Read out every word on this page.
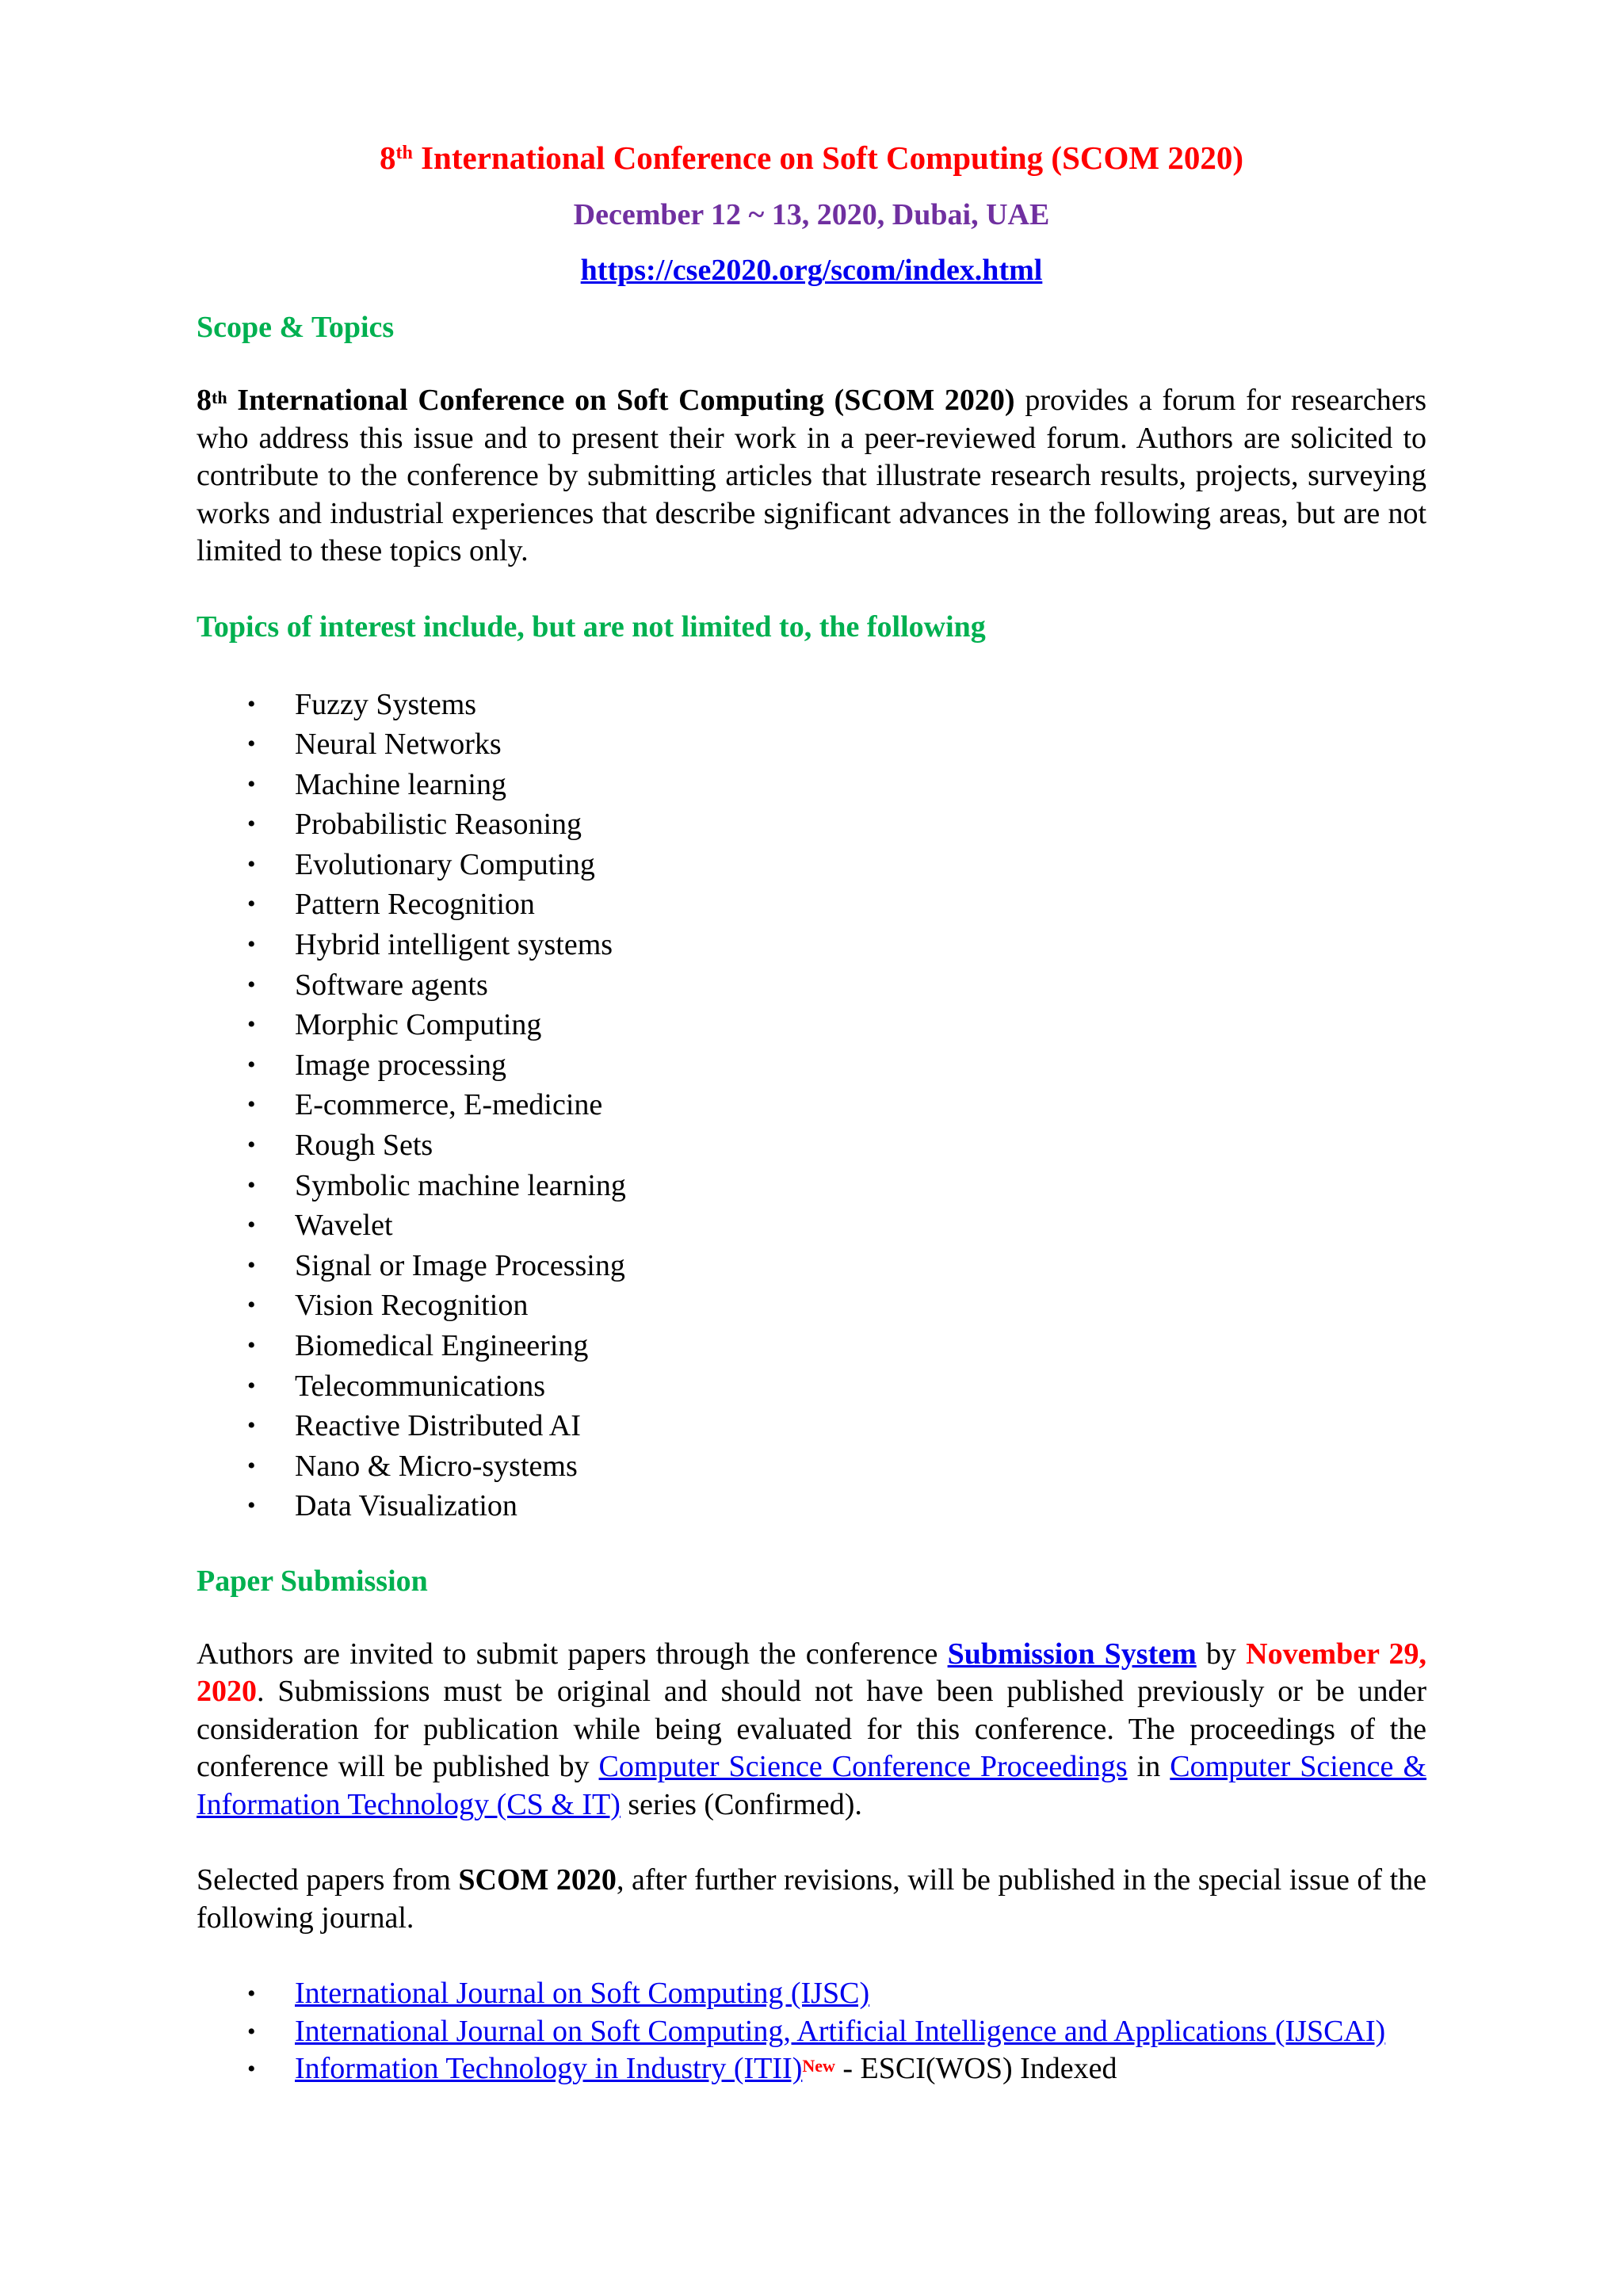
8th International Conference on Soft Computing (SCOM 2020)
December 12 ~ 13, 2020, Dubai, UAE
https://cse2020.org/scom/index.html
Scope & Topics

8th International Conference on Soft Computing (SCOM 2020) provides a forum for researchers who address this issue and to present their work in a peer-reviewed forum. Authors are solicited to contribute to the conference by submitting articles that illustrate research results, projects, surveying works and industrial experiences that describe significant advances in the following areas, but are not limited to these topics only.

Topics of interest include, but are not limited to, the following
• Fuzzy Systems
• Neural Networks
• Machine learning
• Probabilistic Reasoning
• Evolutionary Computing
• Pattern Recognition
• Hybrid intelligent systems
• Software agents
• Morphic Computing
• Image processing
• E-commerce, E-medicine
• Rough Sets
• Symbolic machine learning
• Wavelet
• Signal or Image Processing
• Vision Recognition
• Biomedical Engineering
• Telecommunications
• Reactive Distributed AI
• Nano & Micro-systems
• Data Visualization
Paper Submission

Authors are invited to submit papers through the conference Submission System by November 29, 2020. Submissions must be original and should not have been published previously or be under consideration for publication while being evaluated for this conference. The proceedings of the conference will be published by Computer Science Conference Proceedings in Computer Science & Information Technology (CS & IT) series (Confirmed).

Selected papers from SCOM 2020, after further revisions, will be published in the special issue of the following journal.

• International Journal on Soft Computing (IJSC)
• International Journal on Soft Computing, Artificial Intelligence and Applications (IJSCAI)
• Information Technology in Industry (ITII)$^{New}$ - ESCI(WOS) Indexed
